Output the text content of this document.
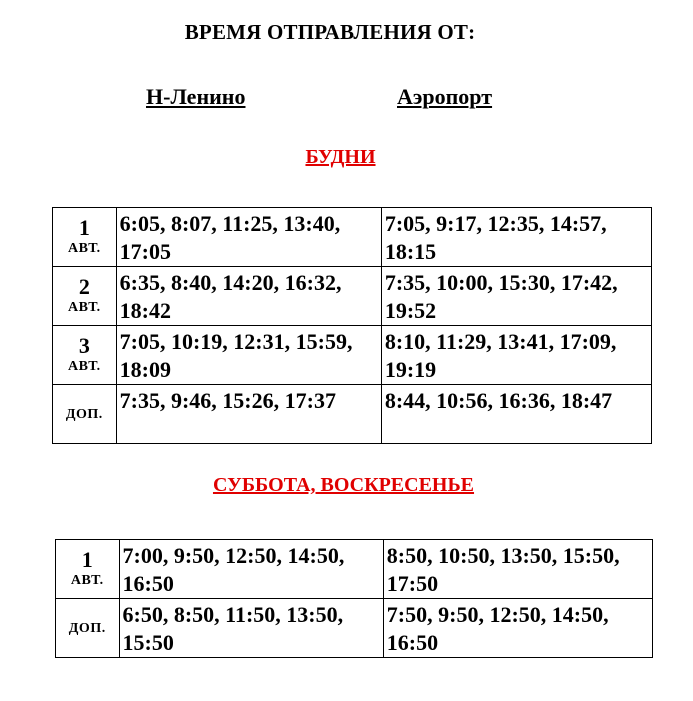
ВРЕМЯ ОТПРАВЛЕНИЯ ОТ:
Н-Ленино	Аэропорт
БУДНИ
1
АВТ.	6:05, 8:07, 11:25, 13:40, 17:05	7:05, 9:17, 12:35, 14:57, 18:15

2
АВТ.	6:35, 8:40, 14:20, 16:32, 18:42	7:35, 10:00, 15:30, 17:42, 19:52

3
АВТ.	7:05, 10:19, 12:31, 15:59, 18:09	8:10, 11:29, 13:41, 17:09, 19:19
ДОП.	7:35, 9:46, 15:26, 17:37	8:44, 10:56, 16:36, 18:47
СУББОТА, ВОСКРЕСЕНЬЕ
1
АВТ.	7:00, 9:50, 12:50, 14:50, 16:50	8:50, 10:50, 13:50, 15:50, 17:50
ДОП.	6:50, 8:50, 11:50, 13:50, 15:50	7:50, 9:50, 12:50, 14:50, 16:50
